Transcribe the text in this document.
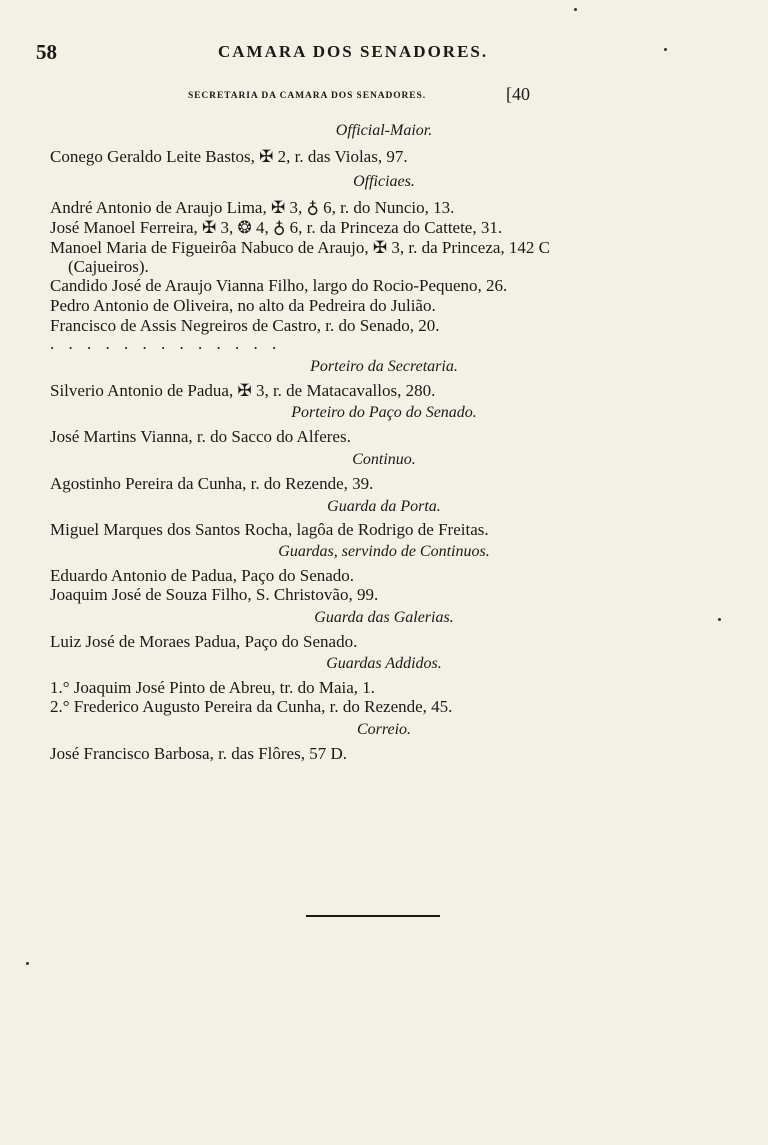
58	CAMARA DOS SENADORES.
SECRETARIA DA CAMARA DOS SENADORES.	[40
Official-Maior.
Conego Geraldo Leite Bastos, ✠ 2, r. das Violas, 97.
Officiaes.
André Antonio de Araujo Lima, ✠ 3, ♁ 6, r. do Nuncio, 13.
José Manoel Ferreira, ✠ 3, ❂ 4, ♁ 6, r. da Princeza do Cattete, 31.
Manoel Maria de Figueirôa Nabuco de Araujo, ✠ 3, r. da Princeza, 142 C
(Cajueiros).
Candido José de Araujo Vianna Filho, largo do Rocio-Pequeno, 26.
Pedro Antonio de Oliveira, no alto da Pedreira do Julião.
Francisco de Assis Negreiros de Castro, r. do Senado, 20.
. . . . . . . . . . . . .
Porteiro da Secretaria.
Silverio Antonio de Padua, ✠ 3, r. de Matacavallos, 280.
Porteiro do Paço do Senado.
José Martins Vianna, r. do Sacco do Alferes.
Continuo.
Agostinho Pereira da Cunha, r. do Rezende, 39.
Guarda da Porta.
Miguel Marques dos Santos Rocha, lagôa de Rodrigo de Freitas.
Guardas, servindo de Continuos.
Eduardo Antonio de Padua, Paço do Senado.
Joaquim José de Souza Filho, S. Christovão, 99.
Guarda das Galerias.
Luiz José de Moraes Padua, Paço do Senado.
Guardas Addidos.
1.° Joaquim José Pinto de Abreu, tr. do Maia, 1.
2.° Frederico Augusto Pereira da Cunha, r. do Rezende, 45.
Correio.
José Francisco Barbosa, r. das Flôres, 57 D.
